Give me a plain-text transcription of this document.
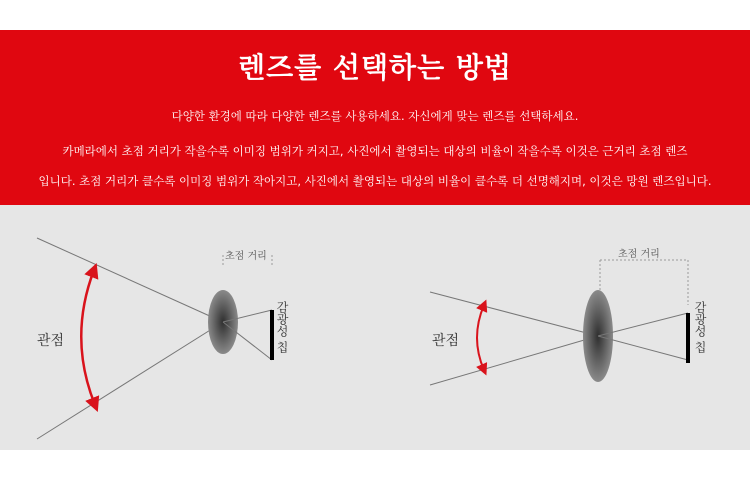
렌즈를 선택하는 방법
다양한 환경에 따라 다양한 렌즈를 사용하세요. 자신에게 맞는 렌즈를 선택하세요.
카메라에서 초점 거리가 작을수록 이미징 범위가 커지고, 사진에서 촬영되는 대상의 비율이 작을수록 이것은 근거리 초점 렌즈
입니다. 초점 거리가 클수록 이미징 범위가 작아지고, 사진에서 촬영되는 대상의 비율이 클수록 더 선명해지며, 이것은 망원 렌즈입니다.
초점 거리
관점	감광성 칩
초점 거리
관점	감광성 칩
